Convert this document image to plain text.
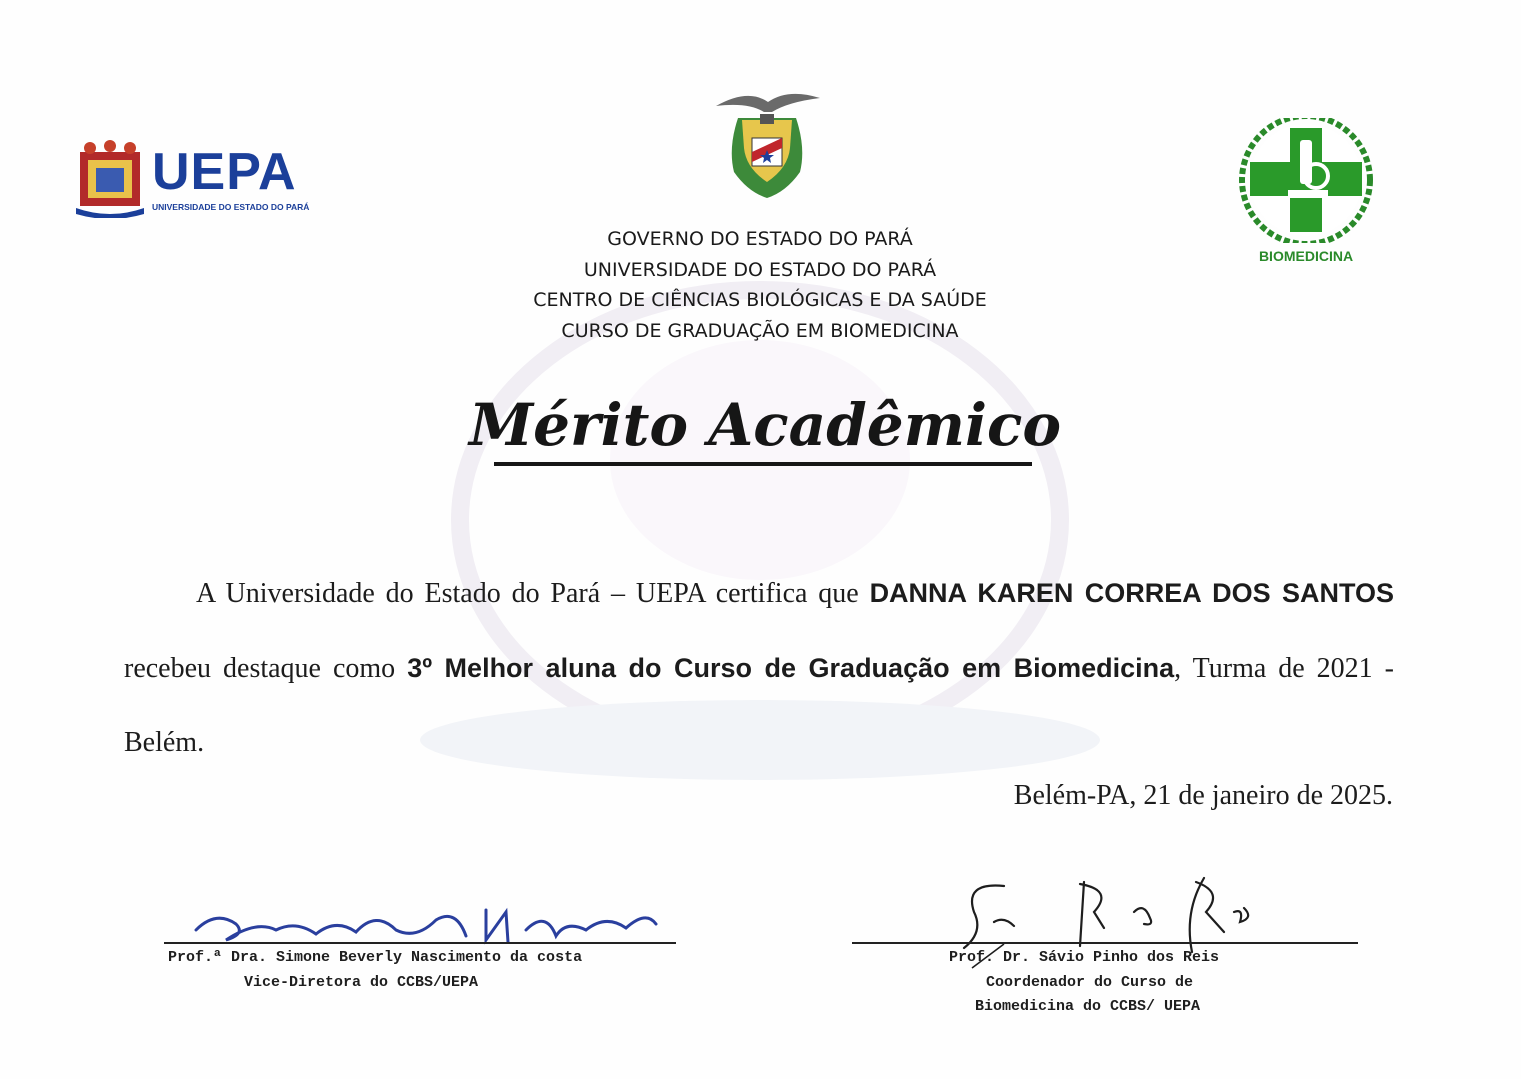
UEPA
UNIVERSIDADE DO ESTADO DO PARÁ
BIOMEDICINA
GOVERNO DO ESTADO DO PARÁ
UNIVERSIDADE DO ESTADO DO PARÁ
CENTRO DE CIÊNCIAS BIOLÓGICAS E DA SAÚDE
CURSO DE GRADUAÇÃO EM BIOMEDICINA
Mérito Acadêmico
A Universidade do Estado do Pará – UEPA certifica que DANNA KAREN CORREA DOS SANTOS recebeu destaque como 3º Melhor aluna do Curso de Graduação em Biomedicina, Turma de 2021 - Belém.
Belém-PA, 21 de janeiro de 2025.
Prof.ª Dra. Simone Beverly Nascimento da costa
Vice-Diretora do CCBS/UEPA
Prof. Dr. Sávio Pinho dos Reis
Coordenador do Curso de
Biomedicina do CCBS/ UEPA
